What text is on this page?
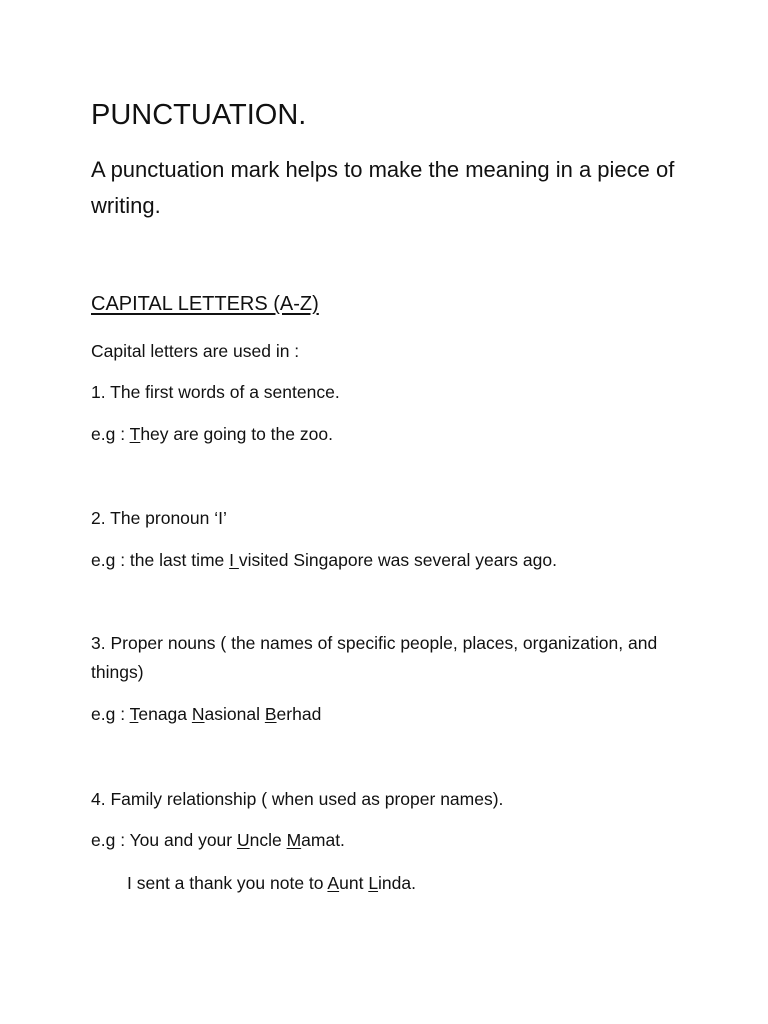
PUNCTUATION.

A punctuation mark helps to make the meaning in a piece of writing.

CAPITAL LETTERS (A-Z)

Capital letters are used in :

1. The first words of a sentence.

e.g : They are going to the zoo.

2. The pronoun ‘I’

e.g : the last time I visited Singapore was several years ago.

3. Proper nouns ( the names of specific people, places, organization, and things)

e.g : Tenaga Nasional Berhad

4. Family relationship ( when used as proper names).

e.g : You and your Uncle Mamat.

I sent a thank you note to Aunt Linda.
